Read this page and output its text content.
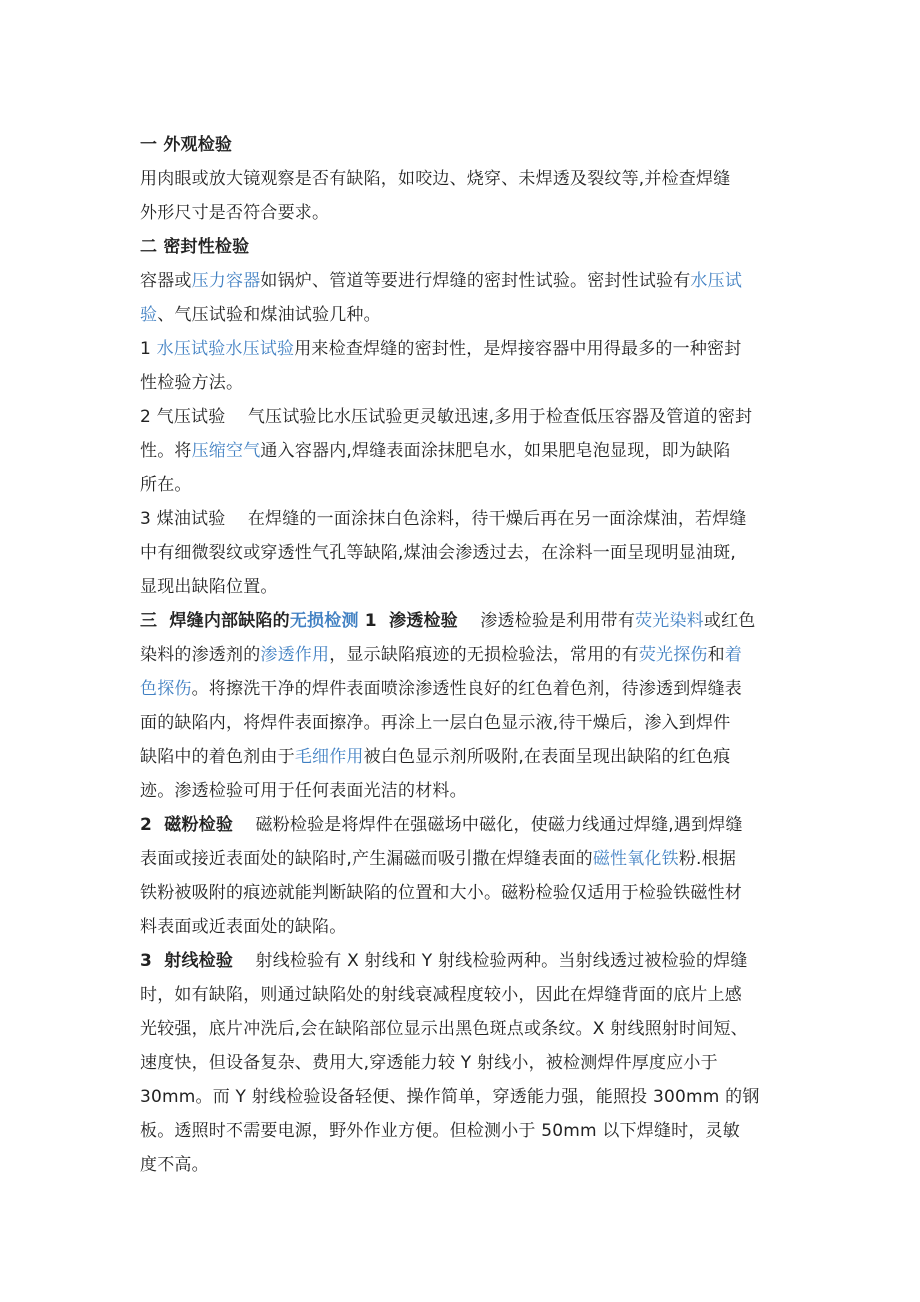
一 外观检验
用肉眼或放大镜观察是否有缺陷，如咬边、烧穿、未焊透及裂纹等,并检查焊缝
外形尺寸是否符合要求。
二 密封性检验
容器或压力容器如锅炉、管道等要进行焊缝的密封性试验。密封性试验有水压试
验、气压试验和煤油试验几种。
1 水压试验水压试验用来检查焊缝的密封性，是焊接容器中用得最多的一种密封
性检验方法。
2 气压试验    气压试验比水压试验更灵敏迅速,多用于检查低压容器及管道的密封
性。将压缩空气通入容器内,焊缝表面涂抹肥皂水，如果肥皂泡显现，即为缺陷
所在。
3 煤油试验    在焊缝的一面涂抹白色涂料，待干燥后再在另一面涂煤油，若焊缝
中有细微裂纹或穿透性气孔等缺陷,煤油会渗透过去，在涂料一面呈现明显油斑,
显现出缺陷位置。
三  焊缝内部缺陷的无损检测 1  渗透检验    渗透检验是利用带有荧光染料或红色
染料的渗透剂的渗透作用，显示缺陷痕迹的无损检验法，常用的有荧光探伤和着
色探伤。将擦洗干净的焊件表面喷涂渗透性良好的红色着色剂，待渗透到焊缝表
面的缺陷内，将焊件表面擦净。再涂上一层白色显示液,待干燥后，渗入到焊件
缺陷中的着色剂由于毛细作用被白色显示剂所吸附,在表面呈现出缺陷的红色痕
迹。渗透检验可用于任何表面光洁的材料。
2  磁粉检验    磁粉检验是将焊件在强磁场中磁化，使磁力线通过焊缝,遇到焊缝
表面或接近表面处的缺陷时,产生漏磁而吸引撒在焊缝表面的磁性氧化铁粉.根据
铁粉被吸附的痕迹就能判断缺陷的位置和大小。磁粉检验仅适用于检验铁磁性材
料表面或近表面处的缺陷。
3  射线检验    射线检验有 X 射线和 Y 射线检验两种。当射线透过被检验的焊缝
时，如有缺陷，则通过缺陷处的射线衰减程度较小，因此在焊缝背面的底片上感
光较强，底片冲洗后,会在缺陷部位显示出黑色斑点或条纹。X 射线照射时间短、
速度快，但设备复杂、费用大,穿透能力较 Y 射线小，被检测焊件厚度应小于
30mm。而 Y 射线检验设备轻便、操作简单，穿透能力强，能照投 300mm 的钢
板。透照时不需要电源，野外作业方便。但检测小于 50mm 以下焊缝时，灵敏
度不高。
